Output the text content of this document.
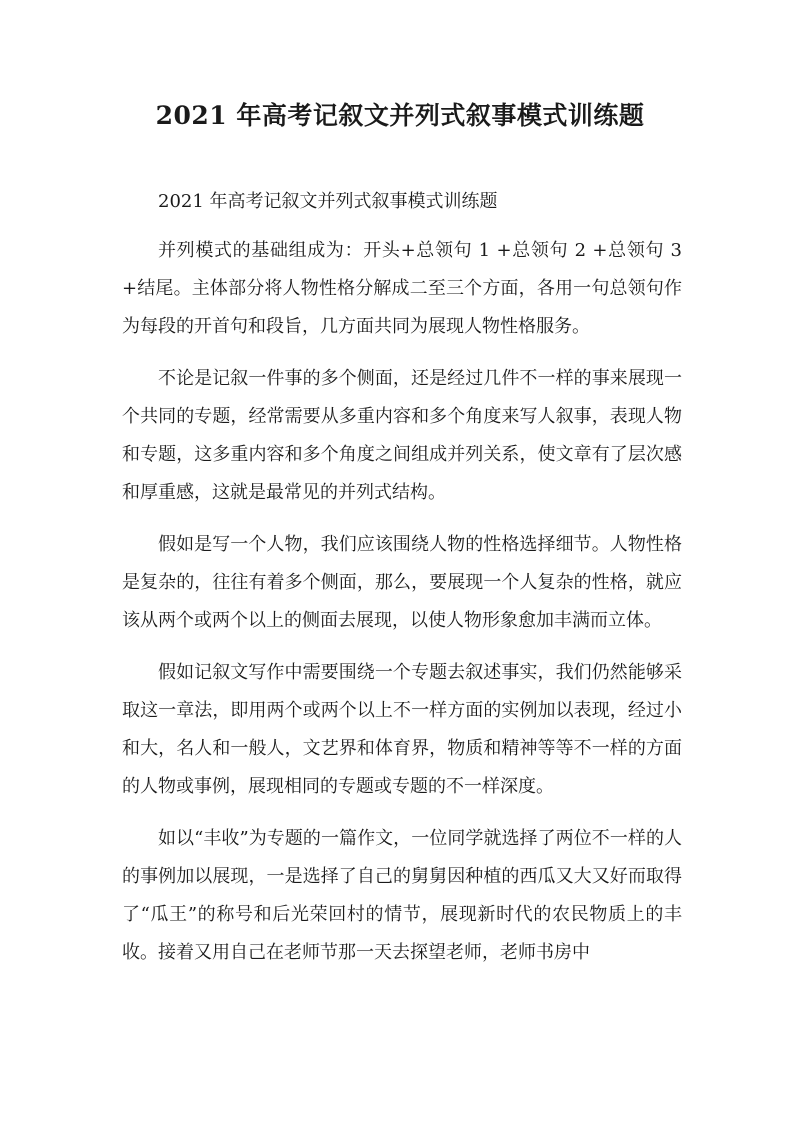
2021 年高考记叙文并列式叙事模式训练题

2021 年高考记叙文并列式叙事模式训练题

并列模式的基础组成为：开头+总领句 1 +总领句 2 +总领句 3 +结尾。主体部分将人物性格分解成二至三个方面，各用一句总领句作为每段的开首句和段旨，几方面共同为展现人物性格服务。

不论是记叙一件事的多个侧面，还是经过几件不一样的事来展现一个共同的专题，经常需要从多重内容和多个角度来写人叙事，表现人物和专题，这多重内容和多个角度之间组成并列关系，使文章有了层次感和厚重感，这就是最常见的并列式结构。

假如是写一个人物，我们应该围绕人物的性格选择细节。人物性格是复杂的，往往有着多个侧面，那么，要展现一个人复杂的性格，就应该从两个或两个以上的侧面去展现，以使人物形象愈加丰满而立体。

假如记叙文写作中需要围绕一个专题去叙述事实，我们仍然能够采取这一章法，即用两个或两个以上不一样方面的实例加以表现，经过小和大，名人和一般人，文艺界和体育界，物质和精神等等不一样的方面的人物或事例，展现相同的专题或专题的不一样深度。

如以“丰收”为专题的一篇作文，一位同学就选择了两位不一样的人的事例加以展现，一是选择了自己的舅舅因种植的西瓜又大又好而取得了“瓜王”的称号和后光荣回村的情节，展现新时代的农民物质上的丰收。接着又用自己在老师节那一天去探望老师，老师书房中
